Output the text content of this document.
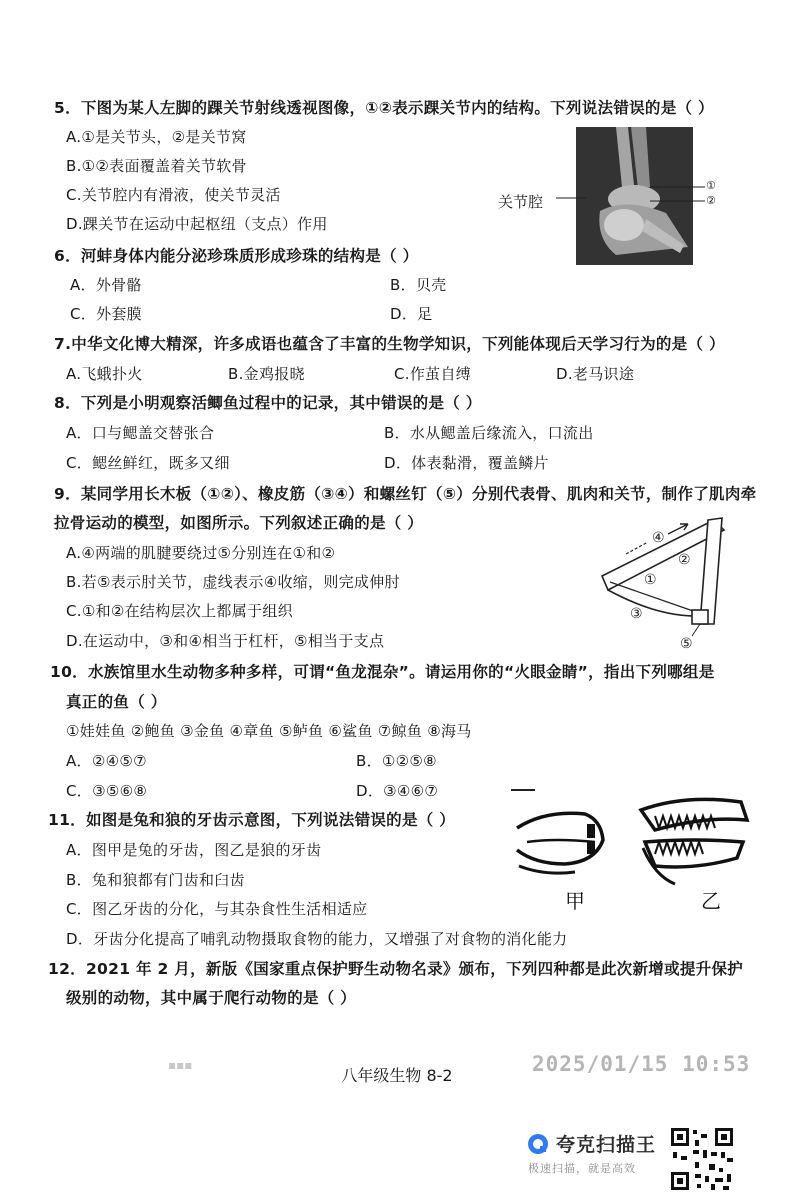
5．下图为某人左脚的踝关节射线透视图像，①②表示踝关节内的结构。下列说法错误的是（ ）
A.①是关节头，②是关节窝
B.①②表面覆盖着关节软骨
C.关节腔内有滑液，使关节灵活
D.踝关节在运动中起枢纽（支点）作用
关节腔
①
②
6．河蚌身体内能分泌珍珠质形成珍珠的结构是（ ）
A．外骨骼	B．贝壳
C．外套膜	D．足
7.中华文化博大精深，许多成语也蕴含了丰富的生物学知识，下列能体现后天学习行为的是（ ）
A.飞蛾扑火	B.金鸡报晓	C.作茧自缚	D.老马识途
8．下列是小明观察活鲫鱼过程中的记录，其中错误的是（ ）
A．口与鳃盖交替张合	B．水从鳃盖后缘流入，口流出
C．鳃丝鲜红，既多又细	D．体表黏滑，覆盖鳞片
9．某同学用长木板（①②）、橡皮筋（③④）和螺丝钉（⑤）分别代表骨、肌肉和关节，制作了肌肉牵
拉骨运动的模型，如图所示。下列叙述正确的是（ ）
A.④两端的肌腱要绕过⑤分别连在①和②
B.若⑤表示肘关节，虚线表示④收缩，则完成伸肘
C.①和②在结构层次上都属于组织
D.在运动中，③和④相当于杠杆，⑤相当于支点
④
②
①
③
⑤
10．水族馆里水生动物多种多样，可谓“鱼龙混杂”。请运用你的“火眼金睛”，指出下列哪组是
真正的鱼（ ）
①娃娃鱼 ②鲍鱼 ③金鱼 ④章鱼 ⑤鲈鱼 ⑥鲨鱼 ⑦鲸鱼 ⑧海马
A．②④⑤⑦	B．①②⑤⑧
C．③⑤⑥⑧	D．③④⑥⑦
11．如图是兔和狼的牙齿示意图，下列说法错误的是（ ）
A．图甲是兔的牙齿，图乙是狼的牙齿
B．兔和狼都有门齿和臼齿
C．图乙牙齿的分化，与其杂食性生活相适应
D．牙齿分化提高了哺乳动物摄取食物的能力，又增强了对食物的消化能力
甲	乙
12．2021 年 2 月，新版《国家重点保护野生动物名录》颁布，下列四种都是此次新增或提升保护
级别的动物，其中属于爬行动物的是（ ）
▪▪▪
八年级生物 8-2	2025/01/15 10:53
夸克扫描王
极速扫描，就是高效
